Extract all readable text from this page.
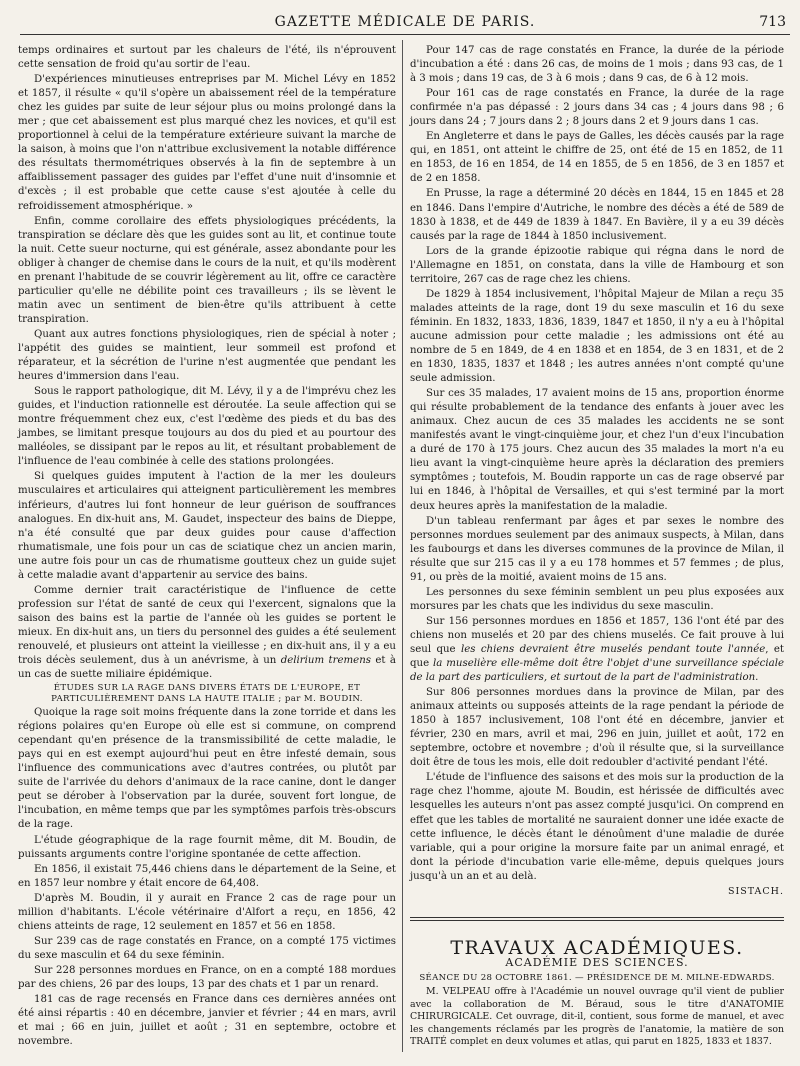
GAZETTE MÉDICALE DE PARIS.	713

temps ordinaires et surtout par les chaleurs de l'été, ils n'éprouvent cette sensation de froid qu'au sortir de l'eau.

D'expériences minutieuses entreprises par M. Michel Lévy en 1852 et 1857, il résulte « qu'il s'opère un abaissement réel de la température chez les guides par suite de leur séjour plus ou moins prolongé dans la mer ; que cet abaissement est plus marqué chez les novices, et qu'il est proportionnel à celui de la température extérieure suivant la marche de la saison, à moins que l'on n'attribue exclusivement la notable différence des résultats thermométriques observés à la fin de septembre à un affaiblissement passager des guides par l'effet d'une nuit d'insomnie et d'excès ; il est probable que cette cause s'est ajoutée à celle du refroidissement atmosphérique. »

Enfin, comme corollaire des effets physiologiques précédents, la transpiration se déclare dès que les guides sont au lit, et continue toute la nuit. Cette sueur nocturne, qui est générale, assez abondante pour les obliger à changer de chemise dans le cours de la nuit, et qu'ils modèrent en prenant l'habitude de se couvrir légèrement au lit, offre ce caractère particulier qu'elle ne débilite point ces travailleurs ; ils se lèvent le matin avec un sentiment de bien-être qu'ils attribuent à cette transpiration.

Quant aux autres fonctions physiologiques, rien de spécial à noter ; l'appétit des guides se maintient, leur sommeil est profond et réparateur, et la sécrétion de l'urine n'est augmentée que pendant les heures d'immersion dans l'eau.

Sous le rapport pathologique, dit M. Lévy, il y a de l'imprévu chez les guides, et l'induction rationnelle est déroutée. La seule affection qui se montre fréquemment chez eux, c'est l'œdème des pieds et du bas des jambes, se limitant presque toujours au dos du pied et au pourtour des malléoles, se dissipant par le repos au lit, et résultant probablement de l'influence de l'eau combinée à celle des stations prolongées.

Si quelques guides imputent à l'action de la mer les douleurs musculaires et articulaires qui atteignent particulièrement les membres inférieurs, d'autres lui font honneur de leur guérison de souffrances analogues. En dix-huit ans, M. Gaudet, inspecteur des bains de Dieppe, n'a été consulté que par deux guides pour cause d'affection rhumatismale, une fois pour un cas de sciatique chez un ancien marin, une autre fois pour un cas de rhumatisme goutteux chez un guide sujet à cette maladie avant d'appartenir au service des bains.

Comme dernier trait caractéristique de l'influence de cette profession sur l'état de santé de ceux qui l'exercent, signalons que la saison des bains est la partie de l'année où les guides se portent le mieux. En dix-huit ans, un tiers du personnel des guides a été seulement renouvelé, et plusieurs ont atteint la vieillesse ; en dix-huit ans, il y a eu trois décès seulement, dus à un anévrisme, à un delirium tremens et à un cas de suette miliaire épidémique.

ÉTUDES SUR LA RAGE DANS DIVERS ÉTATS DE L'EUROPE, ET PARTICULIÈREMENT DANS LA HAUTE ITALIE ; par M. BOUDIN.

Quoique la rage soit moins fréquente dans la zone torride et dans les régions polaires qu'en Europe où elle est si commune, on comprend cependant qu'en présence de la transmissibilité de cette maladie, le pays qui en est exempt aujourd'hui peut en être infesté demain, sous l'influence des communications avec d'autres contrées, ou plutôt par suite de l'arrivée du dehors d'animaux de la race canine, dont le danger peut se dérober à l'observation par la durée, souvent fort longue, de l'incubation, en même temps que par les symptômes parfois très-obscurs de la rage.

L'étude géographique de la rage fournit même, dit M. Boudin, de puissants arguments contre l'origine spontanée de cette affection.

En 1856, il existait 75,446 chiens dans le département de la Seine, et en 1857 leur nombre y était encore de 64,408.

D'après M. Boudin, il y aurait en France 2 cas de rage pour un million d'habitants. L'école vétérinaire d'Alfort a reçu, en 1856, 42 chiens atteints de rage, 12 seulement en 1857 et 56 en 1858.

Sur 239 cas de rage constatés en France, on a compté 175 victimes du sexe masculin et 64 du sexe féminin.

Sur 228 personnes mordues en France, on en a compté 188 mordues par des chiens, 26 par des loups, 13 par des chats et 1 par un renard.

181 cas de rage recensés en France dans ces dernières années ont été ainsi répartis : 40 en décembre, janvier et février ; 44 en mars, avril et mai ; 66 en juin, juillet et août ; 31 en septembre, octobre et novembre.

Pour 147 cas de rage constatés en France, la durée de la période d'incubation a été : dans 26 cas, de moins de 1 mois ; dans 93 cas, de 1 à 3 mois ; dans 19 cas, de 3 à 6 mois ; dans 9 cas, de 6 à 12 mois.

Pour 161 cas de rage constatés en France, la durée de la rage confirmée n'a pas dépassé : 2 jours dans 34 cas ; 4 jours dans 98 ; 6 jours dans 24 ; 7 jours dans 2 ; 8 jours dans 2 et 9 jours dans 1 cas.

En Angleterre et dans le pays de Galles, les décès causés par la rage qui, en 1851, ont atteint le chiffre de 25, ont été de 15 en 1852, de 11 en 1853, de 16 en 1854, de 14 en 1855, de 5 en 1856, de 3 en 1857 et de 2 en 1858.

En Prusse, la rage a déterminé 20 décès en 1844, 15 en 1845 et 28 en 1846. Dans l'empire d'Autriche, le nombre des décès a été de 589 de 1830 à 1838, et de 449 de 1839 à 1847. En Bavière, il y a eu 39 décès causés par la rage de 1844 à 1850 inclusivement.

Lors de la grande épizootie rabique qui régna dans le nord de l'Allemagne en 1851, on constata, dans la ville de Hambourg et son territoire, 267 cas de rage chez les chiens.

De 1829 à 1854 inclusivement, l'hôpital Majeur de Milan a reçu 35 malades atteints de la rage, dont 19 du sexe masculin et 16 du sexe féminin. En 1832, 1833, 1836, 1839, 1847 et 1850, il n'y a eu à l'hôpital aucune admission pour cette maladie ; les admissions ont été au nombre de 5 en 1849, de 4 en 1838 et en 1854, de 3 en 1831, et de 2 en 1830, 1835, 1837 et 1848 ; les autres années n'ont compté qu'une seule admission.

Sur ces 35 malades, 17 avaient moins de 15 ans, proportion énorme qui résulte probablement de la tendance des enfants à jouer avec les animaux. Chez aucun de ces 35 malades les accidents ne se sont manifestés avant le vingt-cinquième jour, et chez l'un d'eux l'incubation a duré de 170 à 175 jours. Chez aucun des 35 malades la mort n'a eu lieu avant la vingt-cinquième heure après la déclaration des premiers symptômes ; toutefois, M. Boudin rapporte un cas de rage observé par lui en 1846, à l'hôpital de Versailles, et qui s'est terminé par la mort deux heures après la manifestation de la maladie.

D'un tableau renfermant par âges et par sexes le nombre des personnes mordues seulement par des animaux suspects, à Milan, dans les faubourgs et dans les diverses communes de la province de Milan, il résulte que sur 215 cas il y a eu 178 hommes et 57 femmes ; de plus, 91, ou près de la moitié, avaient moins de 15 ans.

Les personnes du sexe féminin semblent un peu plus exposées aux morsures par les chats que les individus du sexe masculin.

Sur 156 personnes mordues en 1856 et 1857, 136 l'ont été par des chiens non muselés et 20 par des chiens muselés. Ce fait prouve à lui seul que les chiens devraient être muselés pendant toute l'année, et que la muselière elle-même doit être l'objet d'une surveillance spéciale de la part des particuliers, et surtout de la part de l'administration.

Sur 806 personnes mordues dans la province de Milan, par des animaux atteints ou supposés atteints de la rage pendant la période de 1850 à 1857 inclusivement, 108 l'ont été en décembre, janvier et février, 230 en mars, avril et mai, 296 en juin, juillet et août, 172 en septembre, octobre et novembre ; d'où il résulte que, si la surveillance doit être de tous les mois, elle doit redoubler d'activité pendant l'été.

L'étude de l'influence des saisons et des mois sur la production de la rage chez l'homme, ajoute M. Boudin, est hérissée de difficultés avec lesquelles les auteurs n'ont pas assez compté jusqu'ici. On comprend en effet que les tables de mortalité ne sauraient donner une idée exacte de cette influence, le décès étant le dénoûment d'une maladie de durée variable, qui a pour origine la morsure faite par un animal enragé, et dont la période d'incubation varie elle-même, depuis quelques jours jusqu'à un an et au delà.

SISTACH.

TRAVAUX ACADÉMIQUES.

ACADÉMIE DES SCIENCES.

SÉANCE DU 28 OCTOBRE 1861. — PRÉSIDENCE DE M. MILNE-EDWARDS.

M. VELPEAU offre à l'Académie un nouvel ouvrage qu'il vient de publier avec la collaboration de M. Béraud, sous le titre d'ANATOMIE CHIRURGICALE. Cet ouvrage, dit-il, contient, sous forme de manuel, et avec les changements réclamés par les progrès de l'anatomie, la matière de son TRAITÉ complet en deux volumes et atlas, qui parut en 1825, 1833 et 1837.
